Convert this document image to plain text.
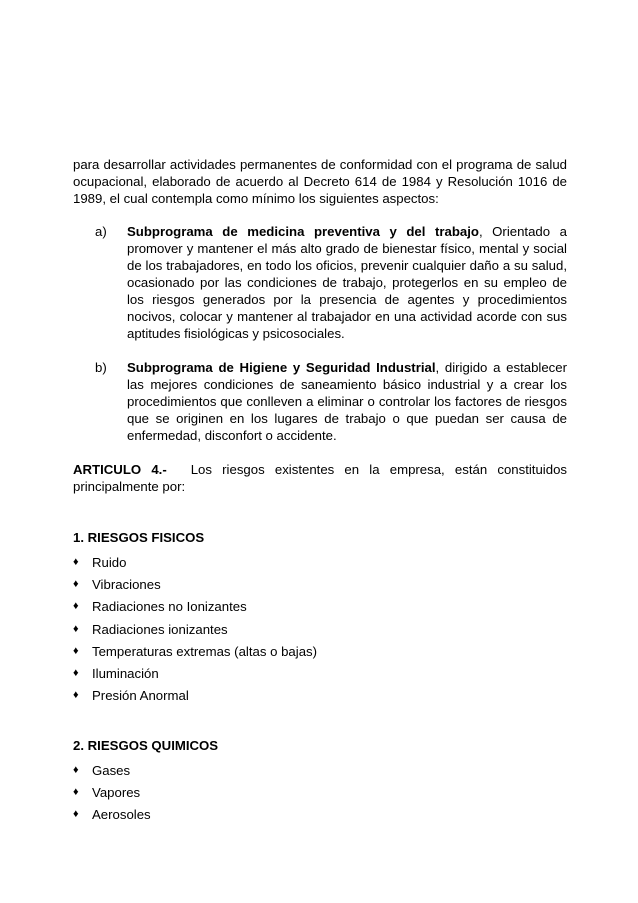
para desarrollar actividades permanentes de conformidad con el programa de salud ocupacional, elaborado de acuerdo al Decreto 614 de 1984 y Resolución 1016 de 1989, el cual contempla como mínimo los siguientes aspectos:

a)	Subprograma de medicina preventiva y del trabajo, Orientado a promover y mantener el más alto grado de bienestar físico, mental y social de los trabajadores, en todo los oficios, prevenir cualquier daño a su salud, ocasionado por las condiciones de trabajo, protegerlos en su empleo de los riesgos generados por la presencia de agentes y procedimientos nocivos, colocar y mantener al trabajador en una actividad acorde con sus aptitudes fisiológicas y psicosociales.
b)	Subprograma de Higiene y Seguridad Industrial, dirigido a establecer las mejores condiciones de saneamiento básico industrial y a crear los procedimientos que conlleven a eliminar o controlar los factores de riesgos que se originen en los lugares de trabajo o que puedan ser causa de enfermedad, disconfort o accidente.

ARTICULO 4.- Los riesgos existentes en la empresa, están constituidos principalmente por:

1. RIESGOS FISICOS

♦	Ruido
♦	Vibraciones
♦	Radiaciones no Ionizantes
♦	Radiaciones ionizantes
♦	Temperaturas extremas (altas o bajas)
♦	Iluminación
♦	Presión Anormal

2. RIESGOS QUIMICOS

♦	Gases
♦	Vapores
♦	Aerosoles
